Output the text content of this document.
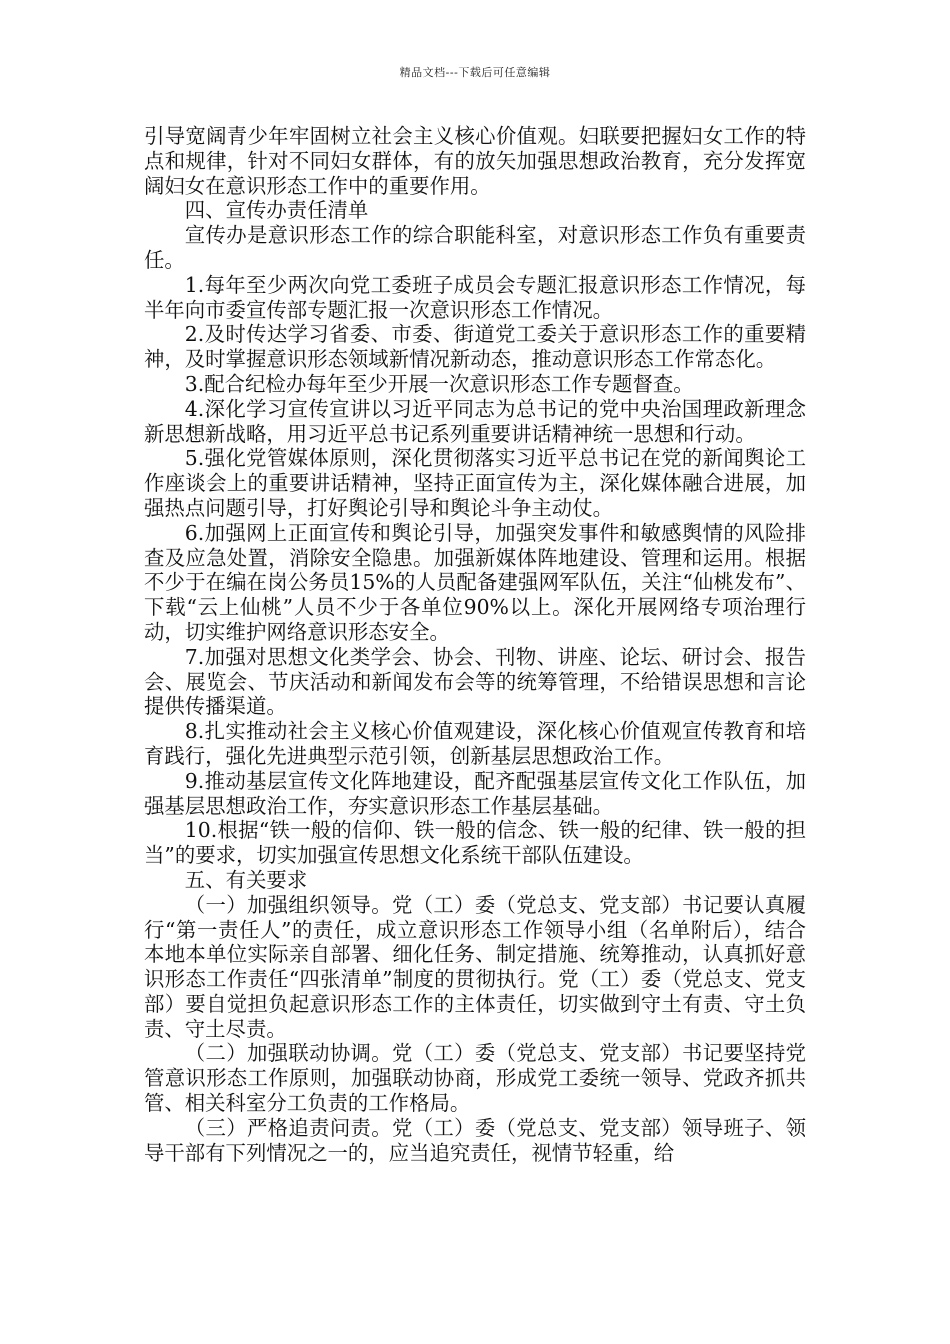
精品文档---下载后可任意编辑

引导宽阔青少年牢固树立社会主义核心价值观。妇联要把握妇女工作的特点和规律，针对不同妇女群体，有的放矢加强思想政治教育，充分发挥宽阔妇女在意识形态工作中的重要作用。

四、宣传办责任清单

宣传办是意识形态工作的综合职能科室，对意识形态工作负有重要责任。

1.每年至少两次向党工委班子成员会专题汇报意识形态工作情况，每半年向市委宣传部专题汇报一次意识形态工作情况。

2.及时传达学习省委、市委、街道党工委关于意识形态工作的重要精神，及时掌握意识形态领域新情况新动态，推动意识形态工作常态化。

3.配合纪检办每年至少开展一次意识形态工作专题督查。

4.深化学习宣传宣讲以习近平同志为总书记的党中央治国理政新理念新思想新战略，用习近平总书记系列重要讲话精神统一思想和行动。

5.强化党管媒体原则，深化贯彻落实习近平总书记在党的新闻舆论工作座谈会上的重要讲话精神，坚持正面宣传为主，深化媒体融合进展，加强热点问题引导，打好舆论引导和舆论斗争主动仗。

6.加强网上正面宣传和舆论引导，加强突发事件和敏感舆情的风险排查及应急处置，消除安全隐患。加强新媒体阵地建设、管理和运用。根据不少于在编在岗公务员15%的人员配备建强网军队伍，关注“仙桃发布”、下载“云上仙桃”人员不少于各单位90%以上。深化开展网络专项治理行动，切实维护网络意识形态安全。

7.加强对思想文化类学会、协会、刊物、讲座、论坛、研讨会、报告会、展览会、节庆活动和新闻发布会等的统筹管理，不给错误思想和言论提供传播渠道。

8.扎实推动社会主义核心价值观建设，深化核心价值观宣传教育和培育践行，强化先进典型示范引领，创新基层思想政治工作。

9.推动基层宣传文化阵地建设，配齐配强基层宣传文化工作队伍，加强基层思想政治工作，夯实意识形态工作基层基础。

10.根据“铁一般的信仰、铁一般的信念、铁一般的纪律、铁一般的担当”的要求，切实加强宣传思想文化系统干部队伍建设。

五、有关要求

（一）加强组织领导。党（工）委（党总支、党支部）书记要认真履行“第一责任人”的责任，成立意识形态工作领导小组（名单附后），结合本地本单位实际亲自部署、细化任务、制定措施、统筹推动，认真抓好意识形态工作责任“四张清单”制度的贯彻执行。党（工）委（党总支、党支部）要自觉担负起意识形态工作的主体责任，切实做到守土有责、守土负责、守土尽责。

（二）加强联动协调。党（工）委（党总支、党支部）书记要坚持党管意识形态工作原则，加强联动协商，形成党工委统一领导、党政齐抓共管、相关科室分工负责的工作格局。

（三）严格追责问责。党（工）委（党总支、党支部）领导班子、领导干部有下列情况之一的，应当追究责任，视情节轻重，给
